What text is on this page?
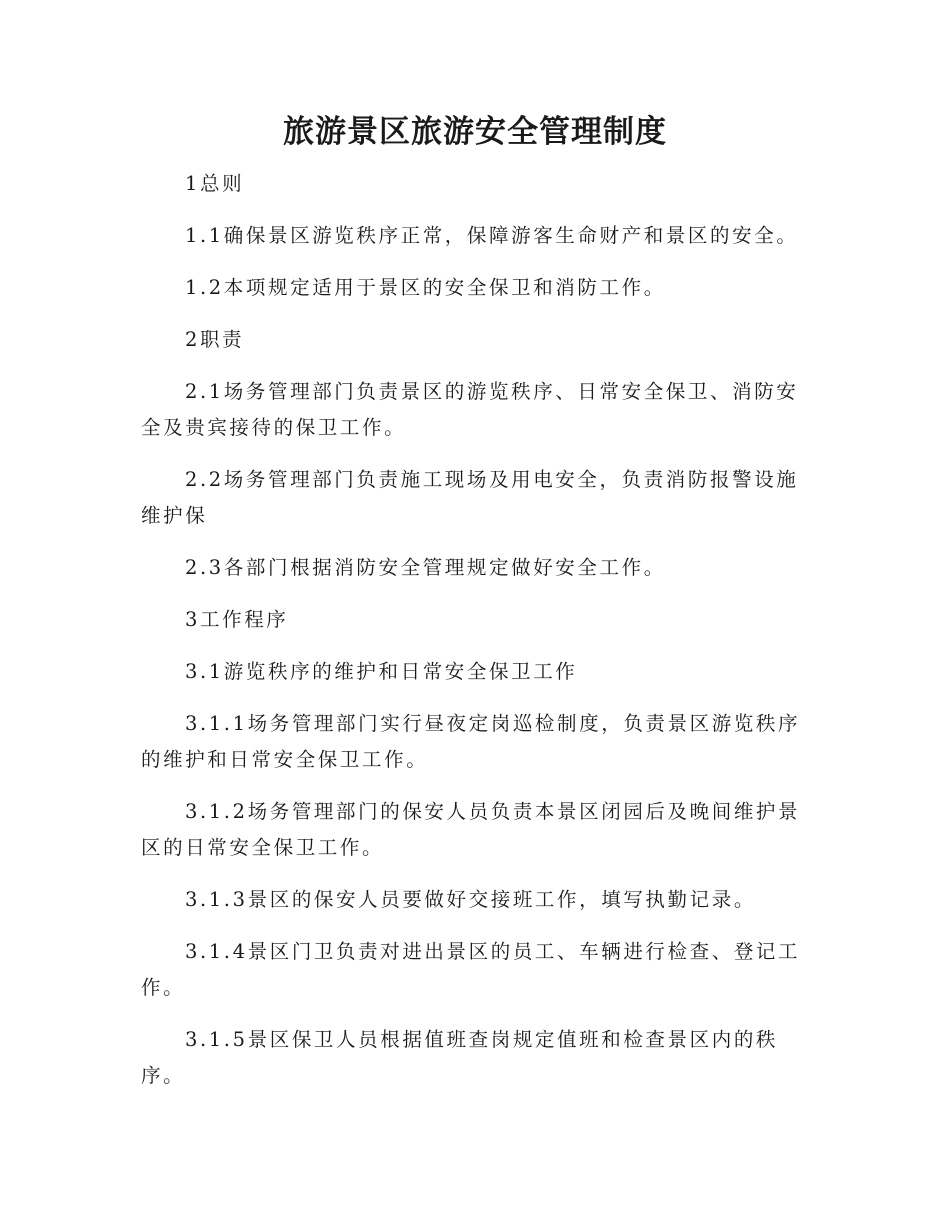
旅游景区旅游安全管理制度

1总则

1.1确保景区游览秩序正常，保障游客生命财产和景区的安全。

1.2本项规定适用于景区的安全保卫和消防工作。

2职责

2.1场务管理部门负责景区的游览秩序、日常安全保卫、消防安全及贵宾接待的保卫工作。

2.2场务管理部门负责施工现场及用电安全，负责消防报警设施维护保

2.3各部门根据消防安全管理规定做好安全工作。

3工作程序

3.1游览秩序的维护和日常安全保卫工作

3.1.1场务管理部门实行昼夜定岗巡检制度，负责景区游览秩序的维护和日常安全保卫工作。

3.1.2场务管理部门的保安人员负责本景区闭园后及晚间维护景区的日常安全保卫工作。

3.1.3景区的保安人员要做好交接班工作，填写执勤记录。

3.1.4景区门卫负责对进出景区的员工、车辆进行检查、登记工作。

3.1.5景区保卫人员根据值班查岗规定值班和检查景区内的秩序。
